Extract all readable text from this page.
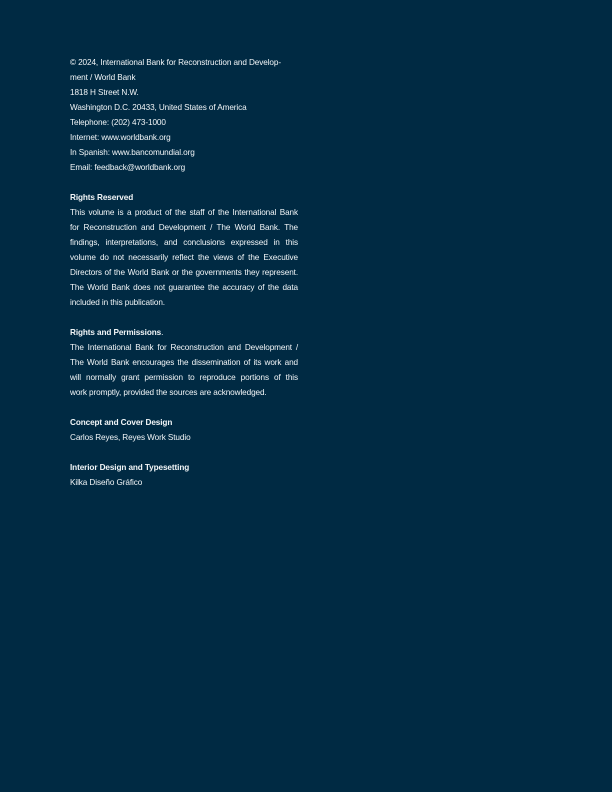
© 2024, International Bank for Reconstruction and Develop-
ment / World Bank
1818 H Street N.W.
Washington D.C. 20433, United States of America
Telephone: (202) 473-1000
Internet: www.worldbank.org
In Spanish: www.bancomundial.org
Email: feedback@worldbank.org
Rights Reserved
This volume is a product of the staff of the International Bank
for Reconstruction and Development / The World Bank. The
findings, interpretations, and conclusions expressed in this
volume do not necessarily reflect the views of the Executive
Directors of the World Bank or the governments they represent.
The World Bank does not guarantee the accuracy of the data
included in this publication.
Rights and Permissions.
The International Bank for Reconstruction and Development /
The World Bank encourages the dissemination of its work and
will normally grant permission to reproduce portions of this
work promptly, provided the sources are acknowledged.
Concept and Cover Design
Carlos Reyes, Reyes Work Studio
Interior Design and Typesetting
Kilka Diseño Gráfico
